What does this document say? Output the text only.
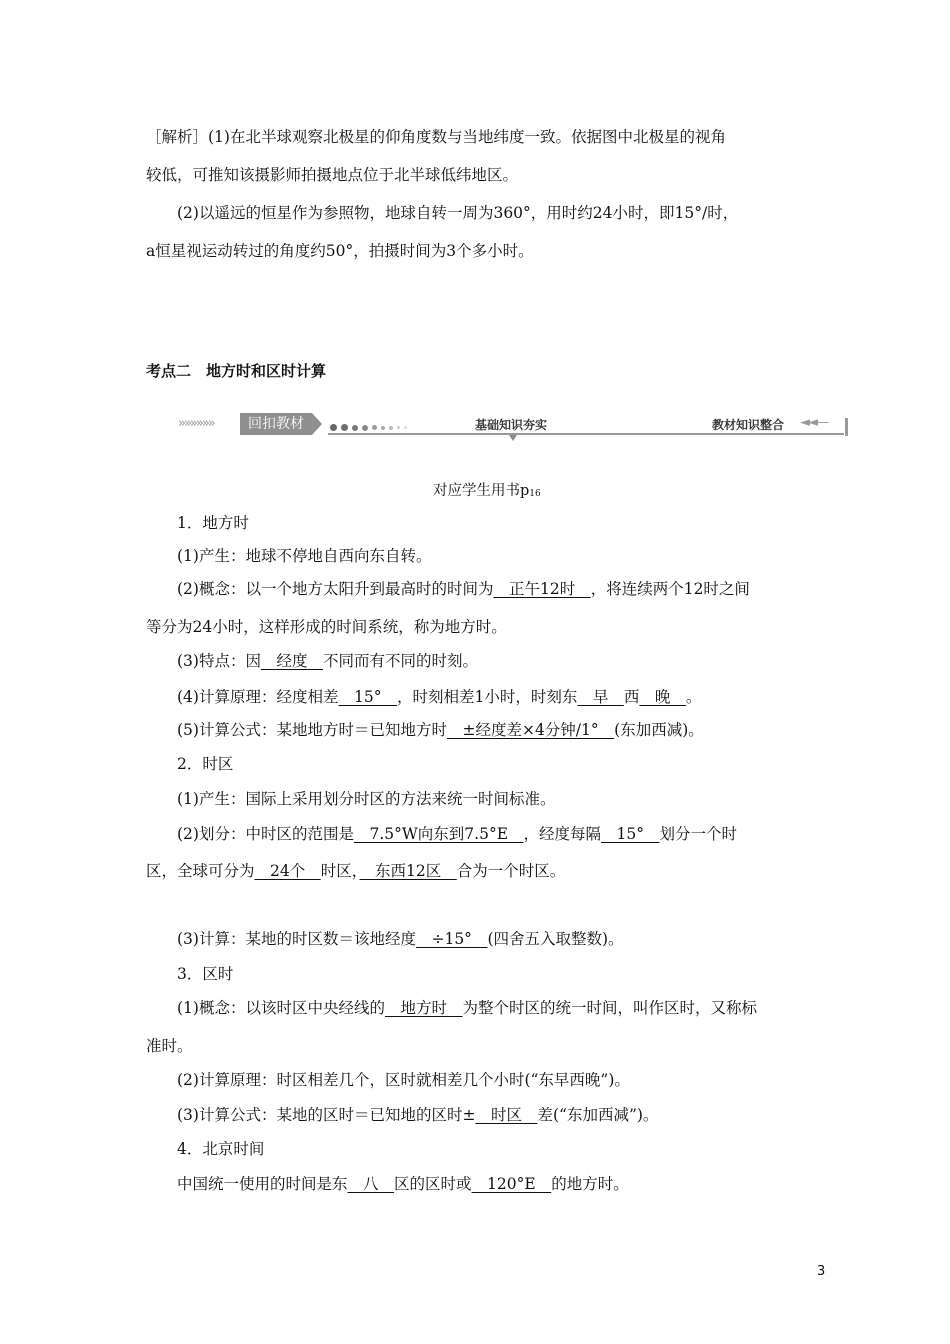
［解析］(1)在北半球观察北极星的仰角度数与当地纬度一致。依据图中北极星的视角
较低，可推知该摄影师拍摄地点位于北半球低纬地区。
(2)以遥远的恒星作为参照物，地球自转一周为360°，用时约24小时，即15°/时，
a恒星视运动转过的角度约50°，拍摄时间为3个多小时。
考点二　地方时和区时计算
»»»»»»	回扣教材	基础知识夯实	教材知识整合 ◄◄—
对应学生用书$p_{16}$
1．地方时
(1)产生：地球不停地自西向东自转。
(2)概念：以一个地方太阳升到最高时的时间为　正午12时　，将连续两个12时之间
等分为24小时，这样形成的时间系统，称为地方时。
(3)特点：因　经度　不同而有不同的时刻。
(4)计算原理：经度相差　15°　，时刻相差1小时，时刻东　早　西　晚　。
(5)计算公式：某地地方时＝已知地方时　±经度差×4分钟/1°　(东加西减)。
2．时区
(1)产生：国际上采用划分时区的方法来统一时间标准。
(2)划分：中时区的范围是　7.5°W向东到7.5°E　，经度每隔　15°　划分一个时
区，全球可分为　24个　时区，　东西12区　合为一个时区。
(3)计算：某地的时区数＝该地经度　÷15°　(四舍五入取整数)。
3．区时
(1)概念：以该时区中央经线的　地方时　为整个时区的统一时间，叫作区时，又称标
准时。
(2)计算原理：时区相差几个，区时就相差几个小时(“东早西晚”)。
(3)计算公式：某地的区时＝已知地的区时±　时区　差(“东加西减”)。
4．北京时间
中国统一使用的时间是东　八　区的区时或　120°E　的地方时。
3
